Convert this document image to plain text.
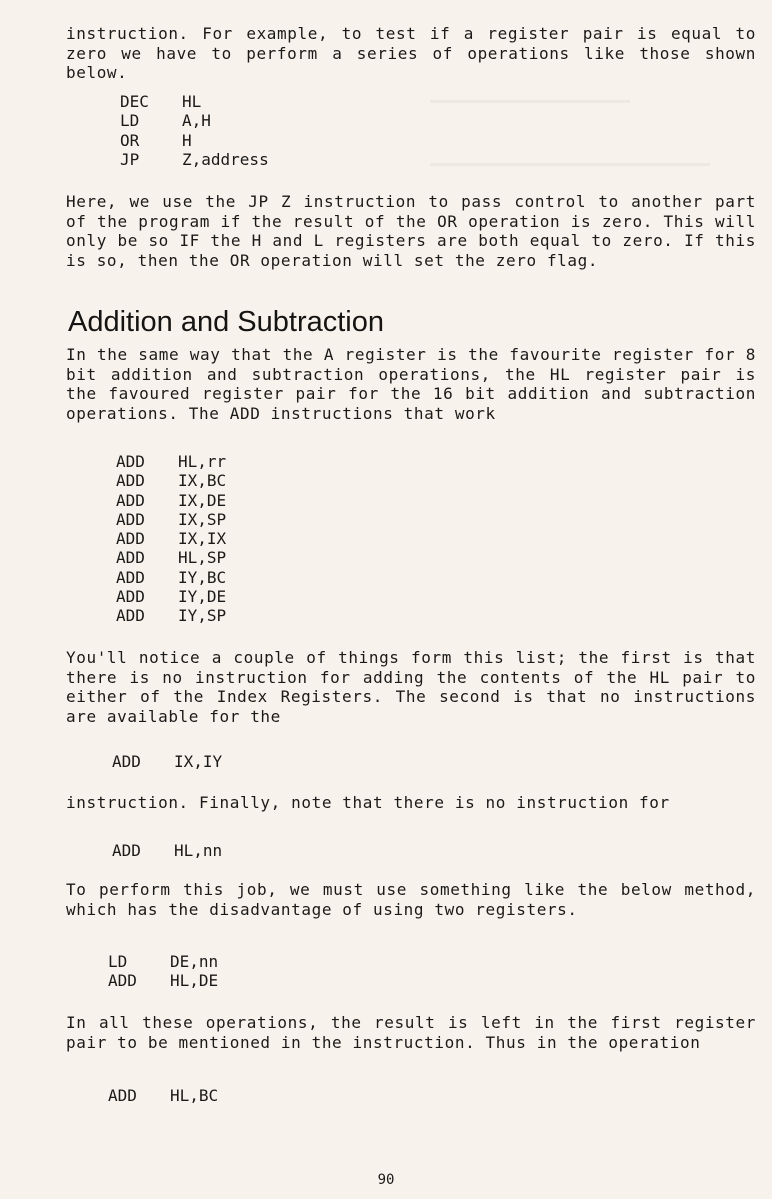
instruction. For example, to test if a register pair is equal to zero we have to perform a series of operations like those shown below.
DEC HL
LD	A,H
OR	H
JP	Z,address
Here, we use the JP Z instruction to pass control to another part of the program if the result of the OR operation is zero. This will only be so IF the H and L registers are both equal to zero. If this is so, then the OR operation will set the zero flag.
Addition and Subtraction
In the same way that the A register is the favourite register for 8 bit addition and subtraction operations, the HL register pair is the favoured register pair for the 16 bit addition and subtraction operations. The ADD instructions that work
ADD HL,rr
ADD IX,BC
ADD IX,DE
ADD IX,SP
ADD IX,IX
ADD HL,SP
ADD IY,BC
ADD IY,DE
ADD IY,SP
You'll notice a couple of things form this list; the first is that there is no instruction for adding the contents of the HL pair to either of the Index Registers. The second is that no instructions are available for the
ADD IX,IY
instruction. Finally, note that there is no instruction for
ADD HL,nn
To perform this job, we must use something like the below method, which has the disadvantage of using two registers.
LD	DE,nn
ADD HL,DE
In all these operations, the result is left in the first register pair to be mentioned in the instruction. Thus in the operation
ADD HL,BC
90
